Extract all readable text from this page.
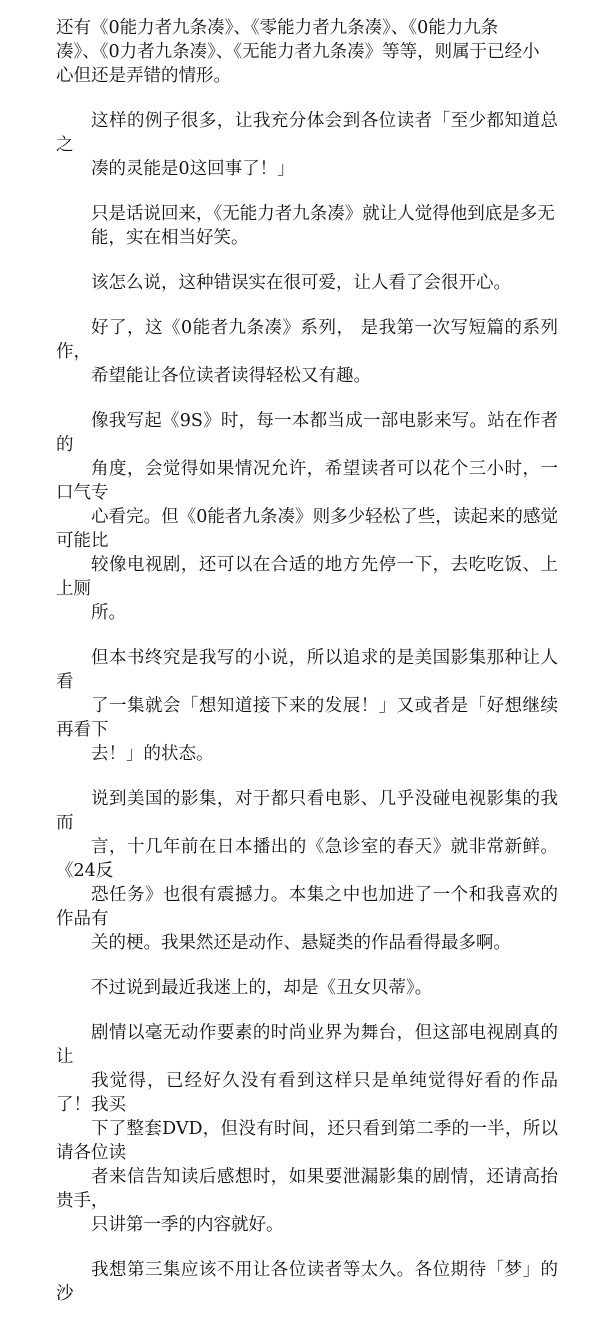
还有《0能力者九条凑》、《零能力者九条凑》、《0能力九条
凑》、《0力者九条凑》、《无能力者九条凑》等等，则属于已经小
心但还是弄错的情形。

这样的例子很多，让我充分体会到各位读者「至少都知道总之
凑的灵能是0这回事了！」

只是话说回来，《无能力者九条凑》就让人觉得他到底是多无
能，实在相当好笑。

该怎么说，这种错误实在很可爱，让人看了会很开心。

好了，这《0能者九条凑》系列， 是我第一次写短篇的系列作，
希望能让各位读者读得轻松又有趣。

像我写起《9S》时，每一本都当成一部电影来写。站在作者的
角度，会觉得如果情况允许，希望读者可以花个三小时，一口气专
心看完。但《0能者九条凑》则多少轻松了些，读起来的感觉可能比
较像电视剧，还可以在合适的地方先停一下，去吃吃饭、上上厕
所。

但本书终究是我写的小说，所以追求的是美国影集那种让人看
了一集就会「想知道接下来的发展！」又或者是「好想继续再看下
去！」的状态。

说到美国的影集，对于都只看电影、几乎没碰电视影集的我而
言，十几年前在日本播出的《急诊室的春天》就非常新鲜。《24反
恐任务》也很有震撼力。本集之中也加进了一个和我喜欢的作品有
关的梗。我果然还是动作、悬疑类的作品看得最多啊。

不过说到最近我迷上的，却是《丑女贝蒂》。

剧情以毫无动作要素的时尚业界为舞台，但这部电视剧真的让
我觉得，已经好久没有看到这样只是单纯觉得好看的作品了！我买
下了整套DVD，但没有时间，还只看到第二季的一半，所以请各位读
者来信告知读后感想时，如果要泄漏影集的剧情，还请高抬贵手，
只讲第一季的内容就好。

我想第三集应该不用让各位读者等太久。各位期待「梦」的沙
